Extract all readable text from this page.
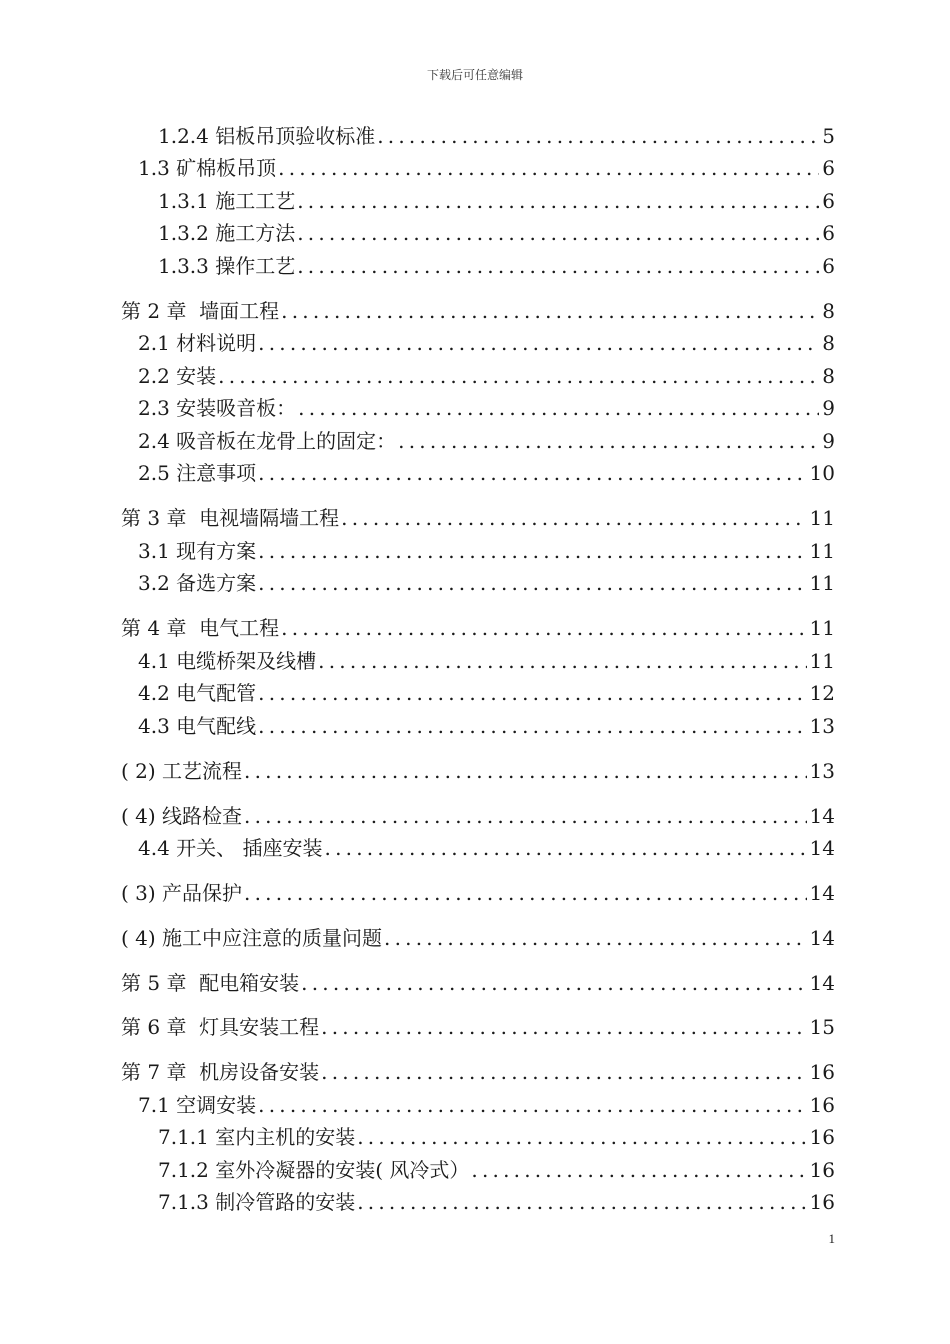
下载后可任意编辑
1.2.4 铝板吊顶验收标准 .....	5
1.3 矿棉板吊顶 .....	6
1.3.1 施工工艺 .....	6
1.3.2 施工方法 .....	6
1.3.3 操作工艺 .....	6
第 2 章  墙面工程 .....	8
2.1 材料说明 .....	8
2.2 安装 .....	8
2.3 安装吸音板： .....	9
2.4 吸音板在龙骨上的固定： .....	9
2.5 注意事项 .....	10
第 3 章  电视墙隔墙工程 .....	11
3.1 现有方案 .....	11
3.2 备选方案 .....	11
第 4 章  电气工程 .....	11
4.1 电缆桥架及线槽 .....	11
4.2 电气配管 .....	12
4.3 电气配线 .....	13
( 2) 工艺流程 .....	13
( 4) 线路检查 .....	14
4.4 开关、 插座安装 .....	14
( 3) 产品保护 .....	14
( 4) 施工中应注意的质量问题 .....	14
第 5 章  配电箱安装 .....	14
第 6 章  灯具安装工程 .....	15
第 7 章  机房设备安装 .....	16
7.1 空调安装 .....	16
7.1.1 室内主机的安装 .....	16
7.1.2 室外冷凝器的安装( 风冷式） .....	16
7.1.3 制冷管路的安装 .....	16
1
